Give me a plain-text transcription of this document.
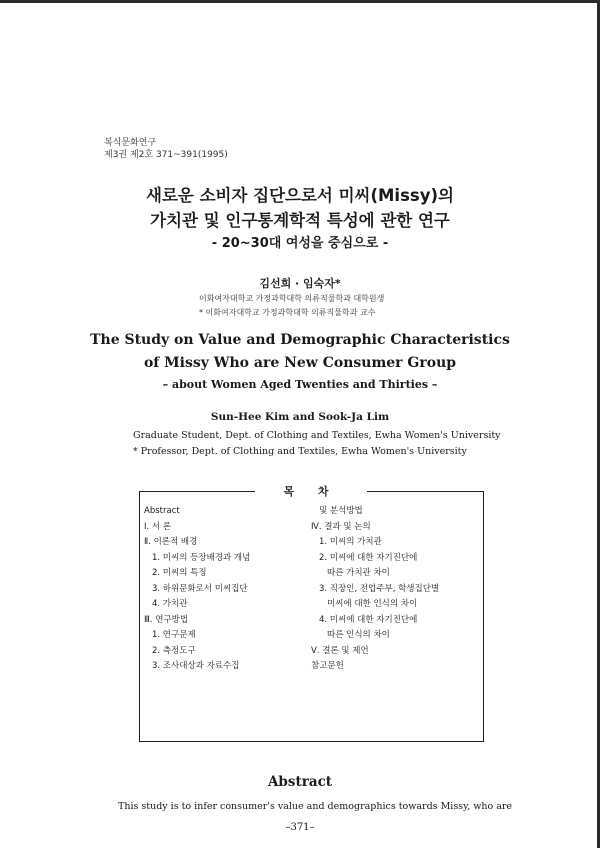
복식문화연구
제3권 제2호 371~391(1995)
새로운 소비자 집단으로서 미씨(Missy)의
가치관 및 인구통계학적 특성에 관한 연구
- 20~30대 여성을 중심으로 -
김선희 · 임숙자*
이화여자대학교 가정과학대학 의류직물학과 대학원생
* 이화여자대학교 가정과학대학 의류직물학과 교수
The Study on Value and Demographic Characteristics
of Missy Who are New Consumer Group
– about Women Aged Twenties and Thirties –
Sun-Hee Kim and Sook-Ja Lim
Graduate Student, Dept. of Clothing and Textiles, Ewha Women's University
* Professor, Dept. of Clothing and Textiles, Ewha Women's University
목 차
Abstract
Ⅰ. 서 론
Ⅱ. 이론적 배경
1. 미씨의 등장배경과 개념
2. 미씨의 특징
3. 하위문화로서 미씨집단
4. 가치관
Ⅲ. 연구방법
1. 연구문제
2. 측정도구
3. 조사대상과 자료수집
및 분석방법
Ⅳ. 결과 및 논의
1. 미씨의 가치관
2. 미씨에 대한 자기진단에
따른 가치관 차이
3. 직장인, 전업주부, 학생집단별
미씨에 대한 인식의 차이
4. 미씨에 대한 자기진단에
따른 인식의 차이
Ⅴ. 결론 및 제언
참고문헌
Abstract
This study is to infer consumer's value and demographics towards Missy, who are
–371–
